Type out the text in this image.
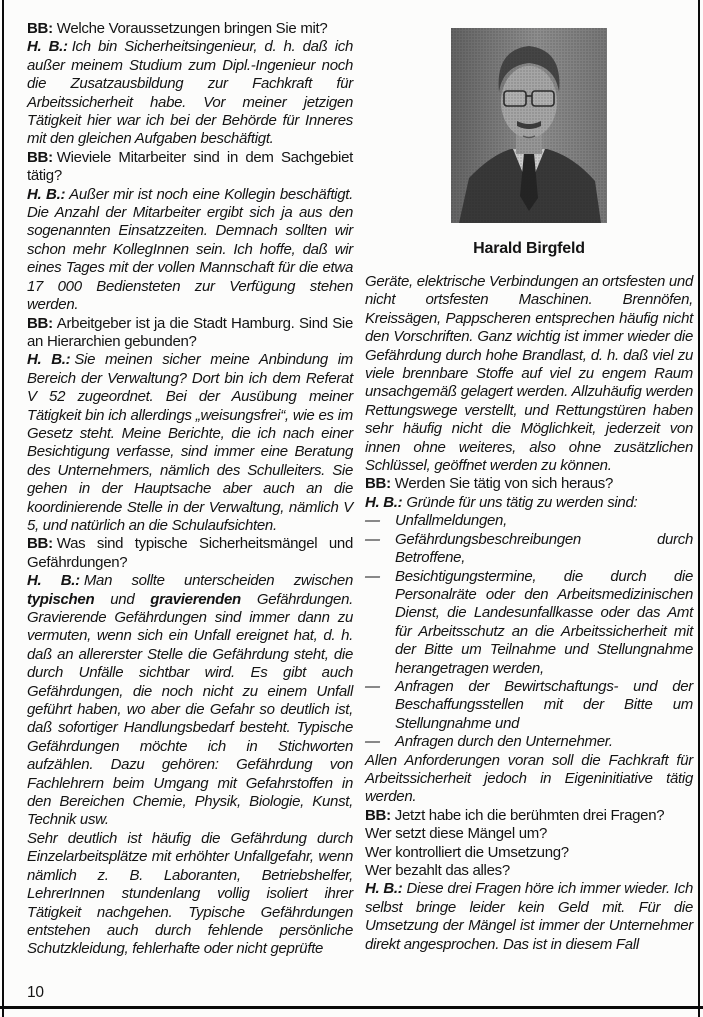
BB: Welche Voraussetzungen bringen Sie mit?

H. B.: Ich bin Sicherheitsingenieur, d. h. daß ich außer meinem Studium zum Dipl.-Ingenieur noch die Zusatzausbildung zur Fachkraft für Arbeitssicherheit habe. Vor meiner jetzigen Tätigkeit hier war ich bei der Behörde für Inneres mit den gleichen Aufgaben beschäftigt.

BB: Wieviele Mitarbeiter sind in dem Sachgebiet tätig?

H. B.: Außer mir ist noch eine Kollegin beschäftigt. Die Anzahl der Mitarbeiter ergibt sich ja aus den sogenannten Einsatzzeiten. Demnach sollten wir schon mehr KollegInnen sein. Ich hoffe, daß wir eines Tages mit der vollen Mannschaft für die etwa 17 000 Bediensteten zur Verfügung stehen werden.

BB: Arbeitgeber ist ja die Stadt Hamburg. Sind Sie an Hierarchien gebunden?

H. B.: Sie meinen sicher meine Anbindung im Bereich der Verwaltung? Dort bin ich dem Referat V 52 zugeordnet. Bei der Ausübung meiner Tätigkeit bin ich allerdings „weisungsfrei“, wie es im Gesetz steht. Meine Berichte, die ich nach einer Besichtigung verfasse, sind immer eine Beratung des Unternehmers, nämlich des Schulleiters. Sie gehen in der Hauptsache aber auch an die koordinierende Stelle in der Verwaltung, nämlich V 5, und natürlich an die Schulaufsichten.

BB: Was sind typische Sicherheitsmängel und Gefährdungen?

H. B.: Man sollte unterscheiden zwischen typischen und gravierenden Gefährdungen. Gravierende Gefährdungen sind immer dann zu vermuten, wenn sich ein Unfall ereignet hat, d. h. daß an allererster Stelle die Gefährdung steht, die durch Unfälle sichtbar wird. Es gibt auch Gefährdungen, die noch nicht zu einem Unfall geführt haben, wo aber die Gefahr so deutlich ist, daß sofortiger Handlungsbedarf besteht. Typische Gefährdungen möchte ich in Stichworten aufzählen. Dazu gehören: Gefährdung von Fachlehrern beim Umgang mit Gefahrstoffen in den Bereichen Chemie, Physik, Biologie, Kunst, Technik usw.

Sehr deutlich ist häufig die Gefährdung durch Einzelarbeitsplätze mit erhöhter Unfallgefahr, wenn nämlich z. B. Laboranten, Betriebshelfer, LehrerInnen stundenlang vollig isoliert ihrer Tätigkeit nachgehen. Typische Gefährdungen entstehen auch durch fehlende persönliche Schutzkleidung, fehlerhafte oder nicht geprüfte

Harald Birgfeld

Geräte, elektrische Verbindungen an ortsfesten und nicht ortsfesten Maschinen. Brennöfen, Kreissägen, Pappscheren entsprechen häufig nicht den Vorschriften. Ganz wichtig ist immer wieder die Gefährdung durch hohe Brandlast, d. h. daß viel zu viele brennbare Stoffe auf viel zu engem Raum unsachgemäß gelagert werden. Allzuhäufig werden Rettungswege verstellt, und Rettungstüren haben sehr häufig nicht die Möglichkeit, jederzeit von innen ohne weiteres, also ohne zusätzlichen Schlüssel, geöffnet werden zu können.

BB: Werden Sie tätig von sich heraus?

H. B.: Gründe für uns tätig zu werden sind:

—	Unfallmeldungen,
—	Gefährdungsbeschreibungen durch Betroffene,
—	Besichtigungstermine, die durch die Personalräte oder den Arbeitsmedizinischen Dienst, die Landesunfallkasse oder das Amt für Arbeitsschutz an die Arbeitssicherheit mit der Bitte um Teilnahme und Stellungnahme herangetragen werden,
—	Anfragen der Bewirtschaftungs- und der Beschaffungsstellen mit der Bitte um Stellungnahme und
—	Anfragen durch den Unternehmer.

Allen Anforderungen voran soll die Fachkraft für Arbeitssicherheit jedoch in Eigeninitiative tätig werden.

BB: Jetzt habe ich die berühmten drei Fragen?

Wer setzt diese Mängel um?

Wer kontrolliert die Umsetzung?

Wer bezahlt das alles?

H. B.: Diese drei Fragen höre ich immer wieder. Ich selbst bringe leider kein Geld mit. Für die Umsetzung der Mängel ist immer der Unternehmer direkt angesprochen. Das ist in diesem Fall

10
